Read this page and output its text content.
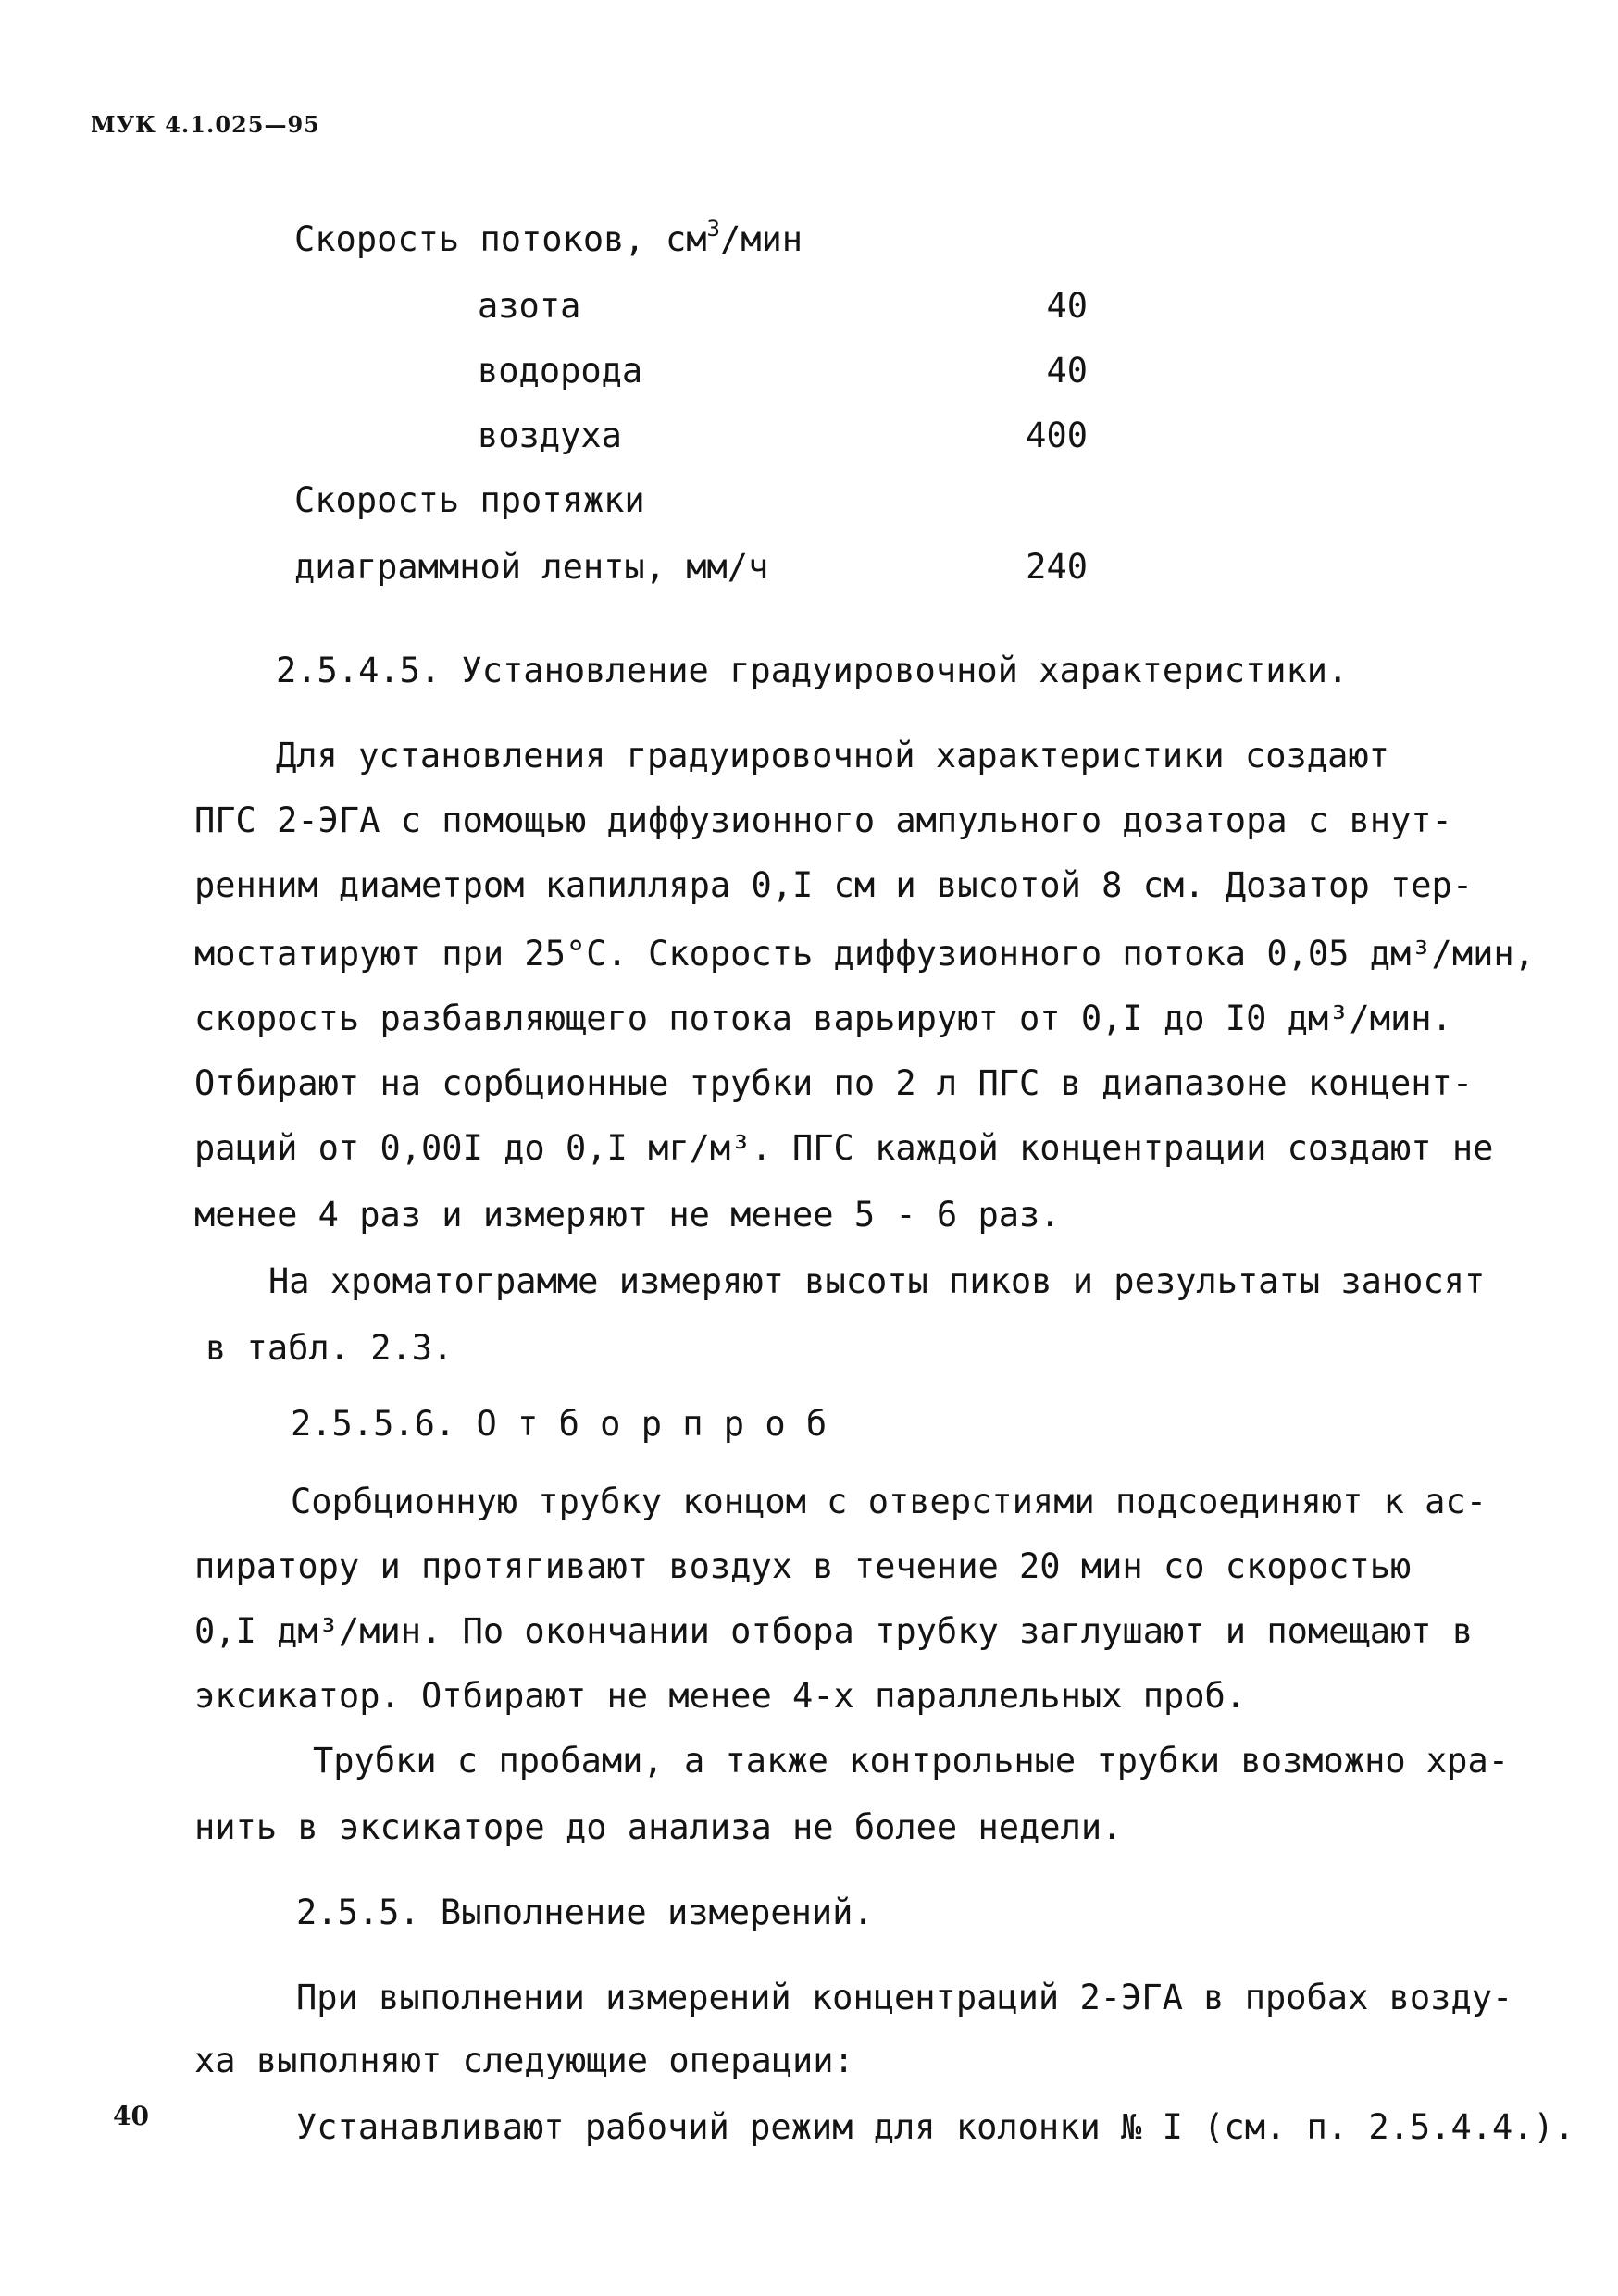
МУК 4.1.025—95
Скорость потоков, $см^3$/мин
азота	40
водорода	40
воздуха	400
Скорость протяжки
диаграммной ленты, мм/ч	240
2.5.4.5. Установление градуировочной характеристики.
Для установления градуировочной характеристики создают
ПГС 2-ЭГА с помощью диффузионного ампульного дозатора с внут-
ренним диаметром капилляра 0,I см и высотой 8 см. Дозатор тер-
мостатируют при 25°С. Скорость диффузионного потока 0,05 дм³/мин,
скорость разбавляющего потока варьируют от 0,I до I0 дм³/мин.
Отбирают на сорбционные трубки по 2 л ПГС в диапазоне концент-
раций от 0,00I до 0,I мг/м³. ПГС каждой концентрации создают не
менее 4 раз и измеряют не менее 5 - 6 раз.
На хроматограмме измеряют высоты пиков и результаты заносят
в табл. 2.3.
2.5.5.6. О т б о р п р о б
Сорбционную трубку концом с отверстиями подсоединяют к ас-
пиратору и протягивают воздух в течение 20 мин со скоростью
0,I дм³/мин. По окончании отбора трубку заглушают и помещают в
эксикатор. Отбирают не менее 4-х параллельных проб.
Трубки с пробами, а также контрольные трубки возможно хра-
нить в эксикаторе до анализа не более недели.
2.5.5. Выполнение измерений.
При выполнении измерений концентраций 2-ЭГА в пробах возду-
ха выполняют следующие операции:
Устанавливают рабочий режим для колонки № I (см. п. 2.5.4.4.).
40
